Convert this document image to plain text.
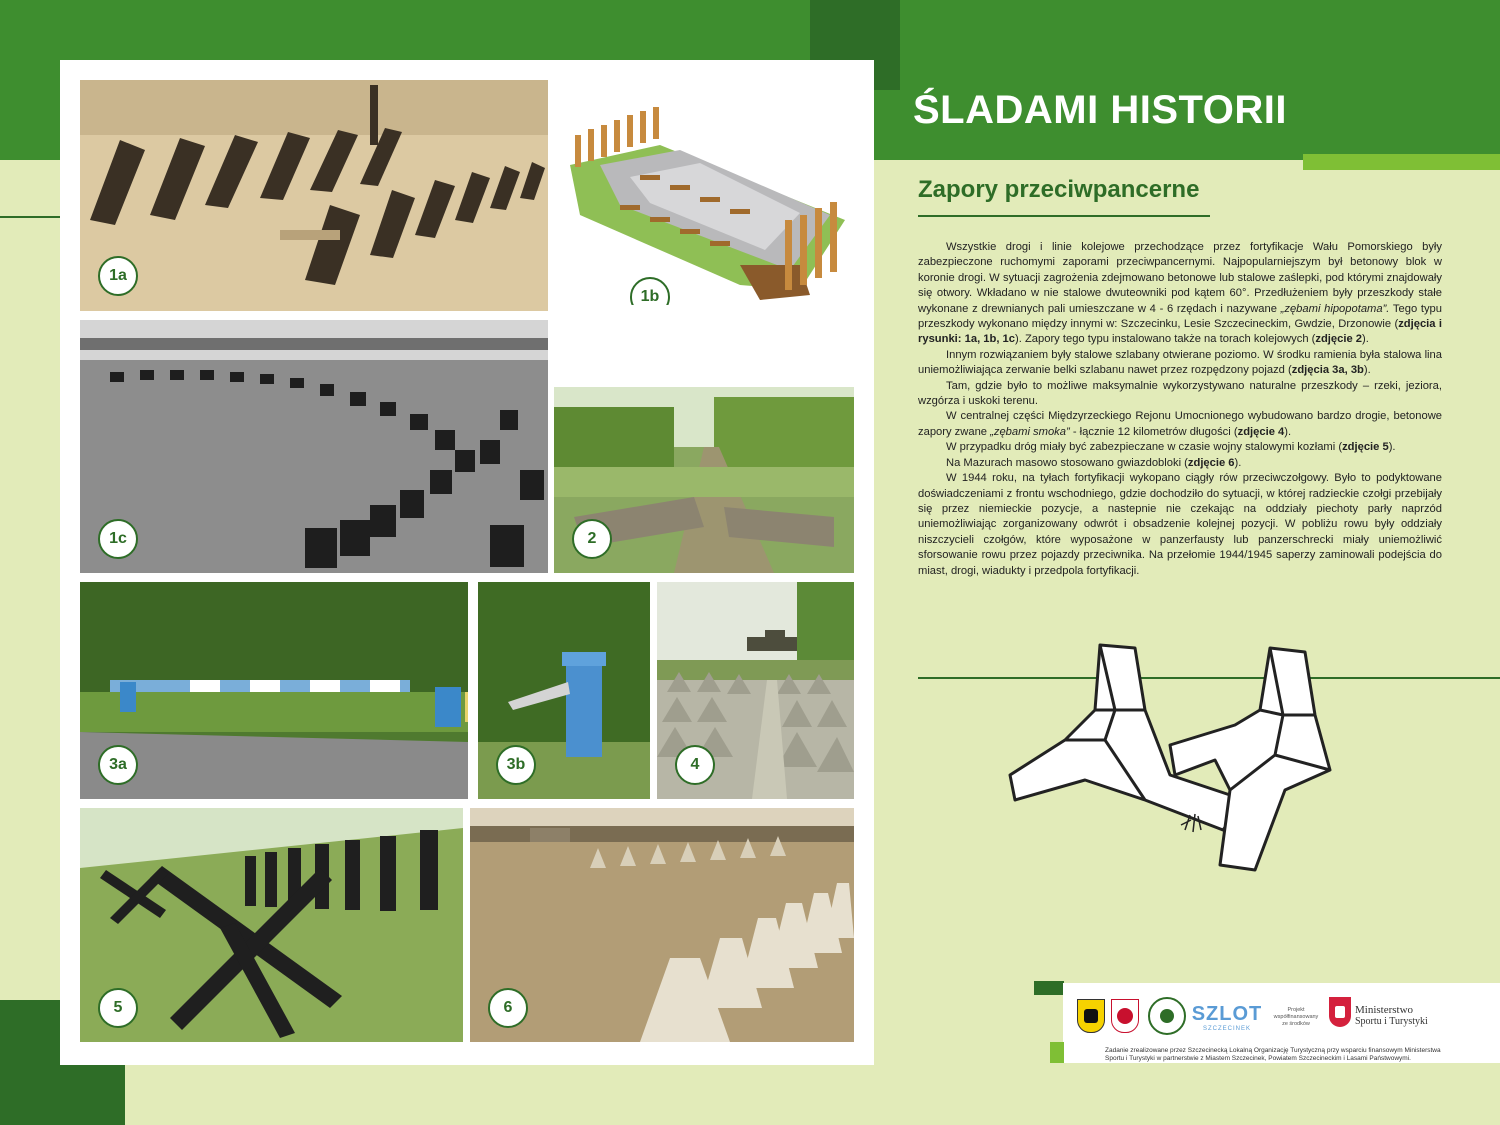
1a
1b
1c	2
3a	3b	4
5	6
ŚLADAMI HISTORII
Zapory przeciwpancerne

Wszystkie drogi i linie kolejowe przechodzące przez fortyfikacje Wału Pomorskiego były zabezpieczone ruchomymi zaporami przeciwpancernymi. Najpopularniejszym był betonowy blok w koronie drogi. W sytuacji zagrożenia zdejmowano betonowe lub stalowe zaślepki, pod którymi znajdowały się otwory. Wkładano w nie stalowe dwuteowniki pod kątem 60°. Przedłużeniem były przeszkody stałe wykonane z drewnianych pali umieszczane w 4 - 6 rzędach i nazywane „zębami hipopotama”. Tego typu przeszkody wykonano między innymi w: Szczecinku, Lesie Szczecineckim, Gwdzie, Drzonowie (zdjęcia i rysunki: 1a, 1b, 1c). Zapory tego typu instalowano także na torach kolejowych (zdjęcie 2).

Innym rozwiązaniem były stalowe szlabany otwierane poziomo. W środku ramienia była stalowa lina uniemożliwiająca zerwanie belki szlabanu nawet przez rozpędzony pojazd (zdjęcia 3a, 3b).

Tam, gdzie było to możliwe maksymalnie wykorzystywano naturalne przeszkody – rzeki, jeziora, wzgórza i uskoki terenu.

W centralnej części Międzyrzeckiego Rejonu Umocnionego wybudowano bardzo drogie, betonowe zapory zwane „zębami smoka” - łącznie 12 kilometrów długości (zdjęcie 4).

W przypadku dróg miały być zabezpieczane w czasie wojny stalowymi kozłami (zdjęcie 5).

Na Mazurach masowo stosowano gwiazdobloki (zdjęcie 6).

W 1944 roku, na tyłach fortyfikacji wykopano ciągły rów przeciwczołgowy. Było to podyktowane doświadczeniami z frontu wschodniego, gdzie dochodziło do sytuacji, w której radzieckie czołgi przebijały się przez niemieckie pozycje, a nastepnie nie czekając na oddziały piechoty parły naprzód uniemożliwiając zorganizowany odwrót i obsadzenie kolejnej pozycji. W pobliżu rowu były oddziały niszczycieli czołgów, które wyposażone w panzerfausty lub panzerschrecki miały uniemożliwić sforsowanie rowu przez pojazdy przeciwnika. Na przełomie 1944/1945 saperzy zaminowali podejścia do miast, drogi, wiadukty i przedpola fortyfikacji.

SZLOT
SZCZECINEK
Projekt
współfinansowany
ze środków
Ministerstwo
Sportu i Turystyki
Zadanie zrealizowane przez Szczecinecką Lokalną Organizację Turystyczną przy wsparciu finansowym Ministerstwa Sportu i Turystyki w partnerstwie z Miastem Szczecinek, Powiatem Szczecineckim i Lasami Państwowymi.
